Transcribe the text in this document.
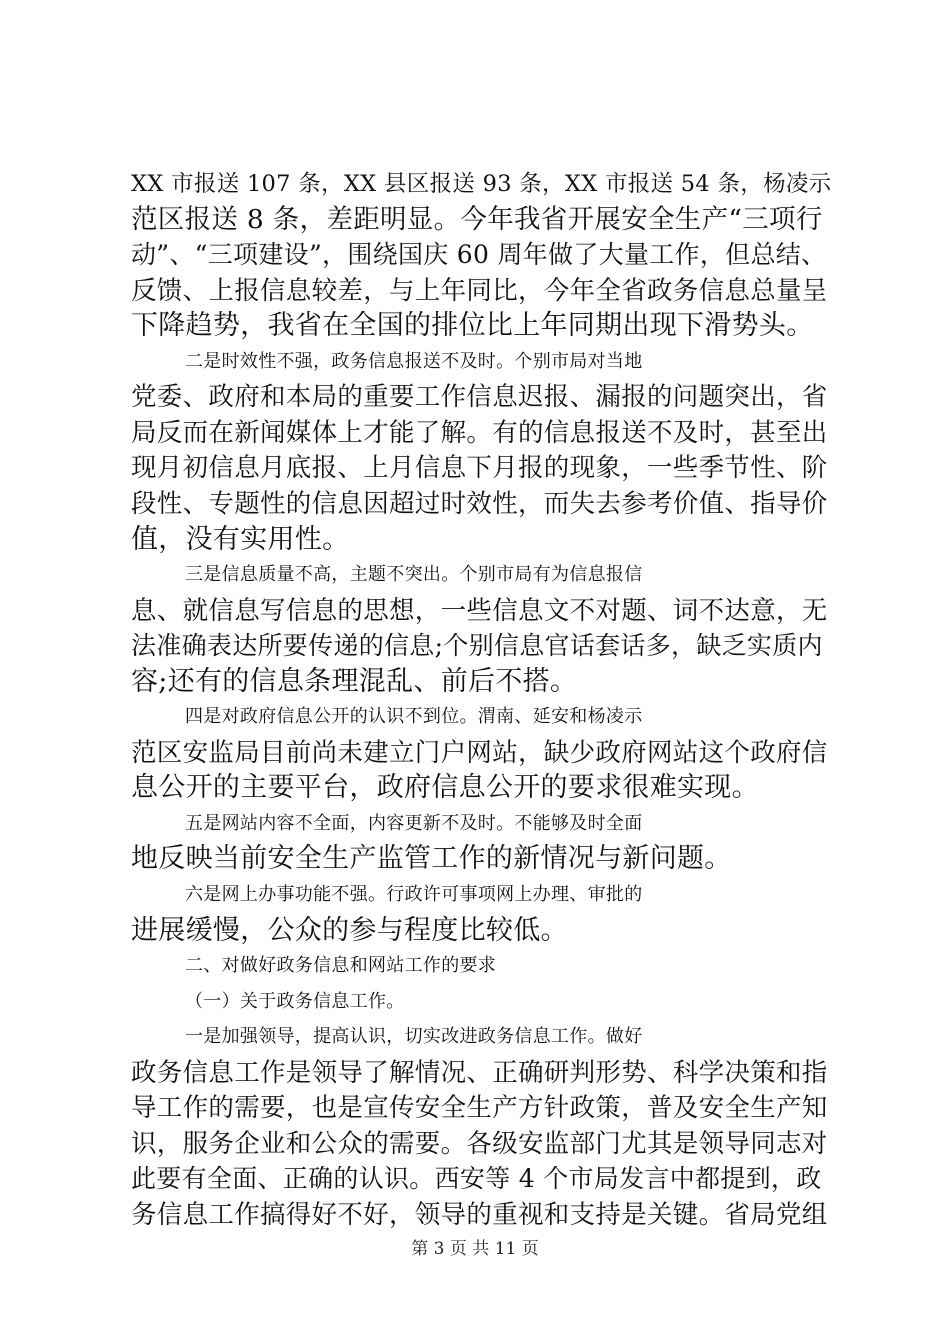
XX 市报送 107 条，XX 县区报送 93 条，XX 市报送 54 条，杨凌示
范区报送 8 条，差距明显。今年我省开展安全生产“三项行
动”、“三项建设”，围绕国庆 60 周年做了大量工作，但总结、
反馈、上报信息较差，与上年同比，今年全省政务信息总量呈
下降趋势，我省在全国的排位比上年同期出现下滑势头。
二是时效性不强，政务信息报送不及时。个别市局对当地
党委、政府和本局的重要工作信息迟报、漏报的问题突出，省
局反而在新闻媒体上才能了解。有的信息报送不及时，甚至出
现月初信息月底报、上月信息下月报的现象，一些季节性、阶
段性、专题性的信息因超过时效性，而失去参考价值、指导价
值，没有实用性。
三是信息质量不高，主题不突出。个别市局有为信息报信
息、就信息写信息的思想，一些信息文不对题、词不达意，无
法准确表达所要传递的信息;个别信息官话套话多，缺乏实质内
容;还有的信息条理混乱、前后不搭。
四是对政府信息公开的认识不到位。渭南、延安和杨凌示
范区安监局目前尚未建立门户网站，缺少政府网站这个政府信
息公开的主要平台，政府信息公开的要求很难实现。
五是网站内容不全面，内容更新不及时。不能够及时全面
地反映当前安全生产监管工作的新情况与新问题。
六是网上办事功能不强。行政许可事项网上办理、审批的
进展缓慢，公众的参与程度比较低。
二、对做好政务信息和网站工作的要求
（一）关于政务信息工作。
一是加强领导，提高认识，切实改进政务信息工作。做好
政务信息工作是领导了解情况、正确研判形势、科学决策和指
导工作的需要，也是宣传安全生产方针政策，普及安全生产知
识，服务企业和公众的需要。各级安监部门尤其是领导同志对
此要有全面、正确的认识。西安等 4 个市局发言中都提到，政
务信息工作搞得好不好，领导的重视和支持是关键。省局党组
第 3 页 共 11 页
